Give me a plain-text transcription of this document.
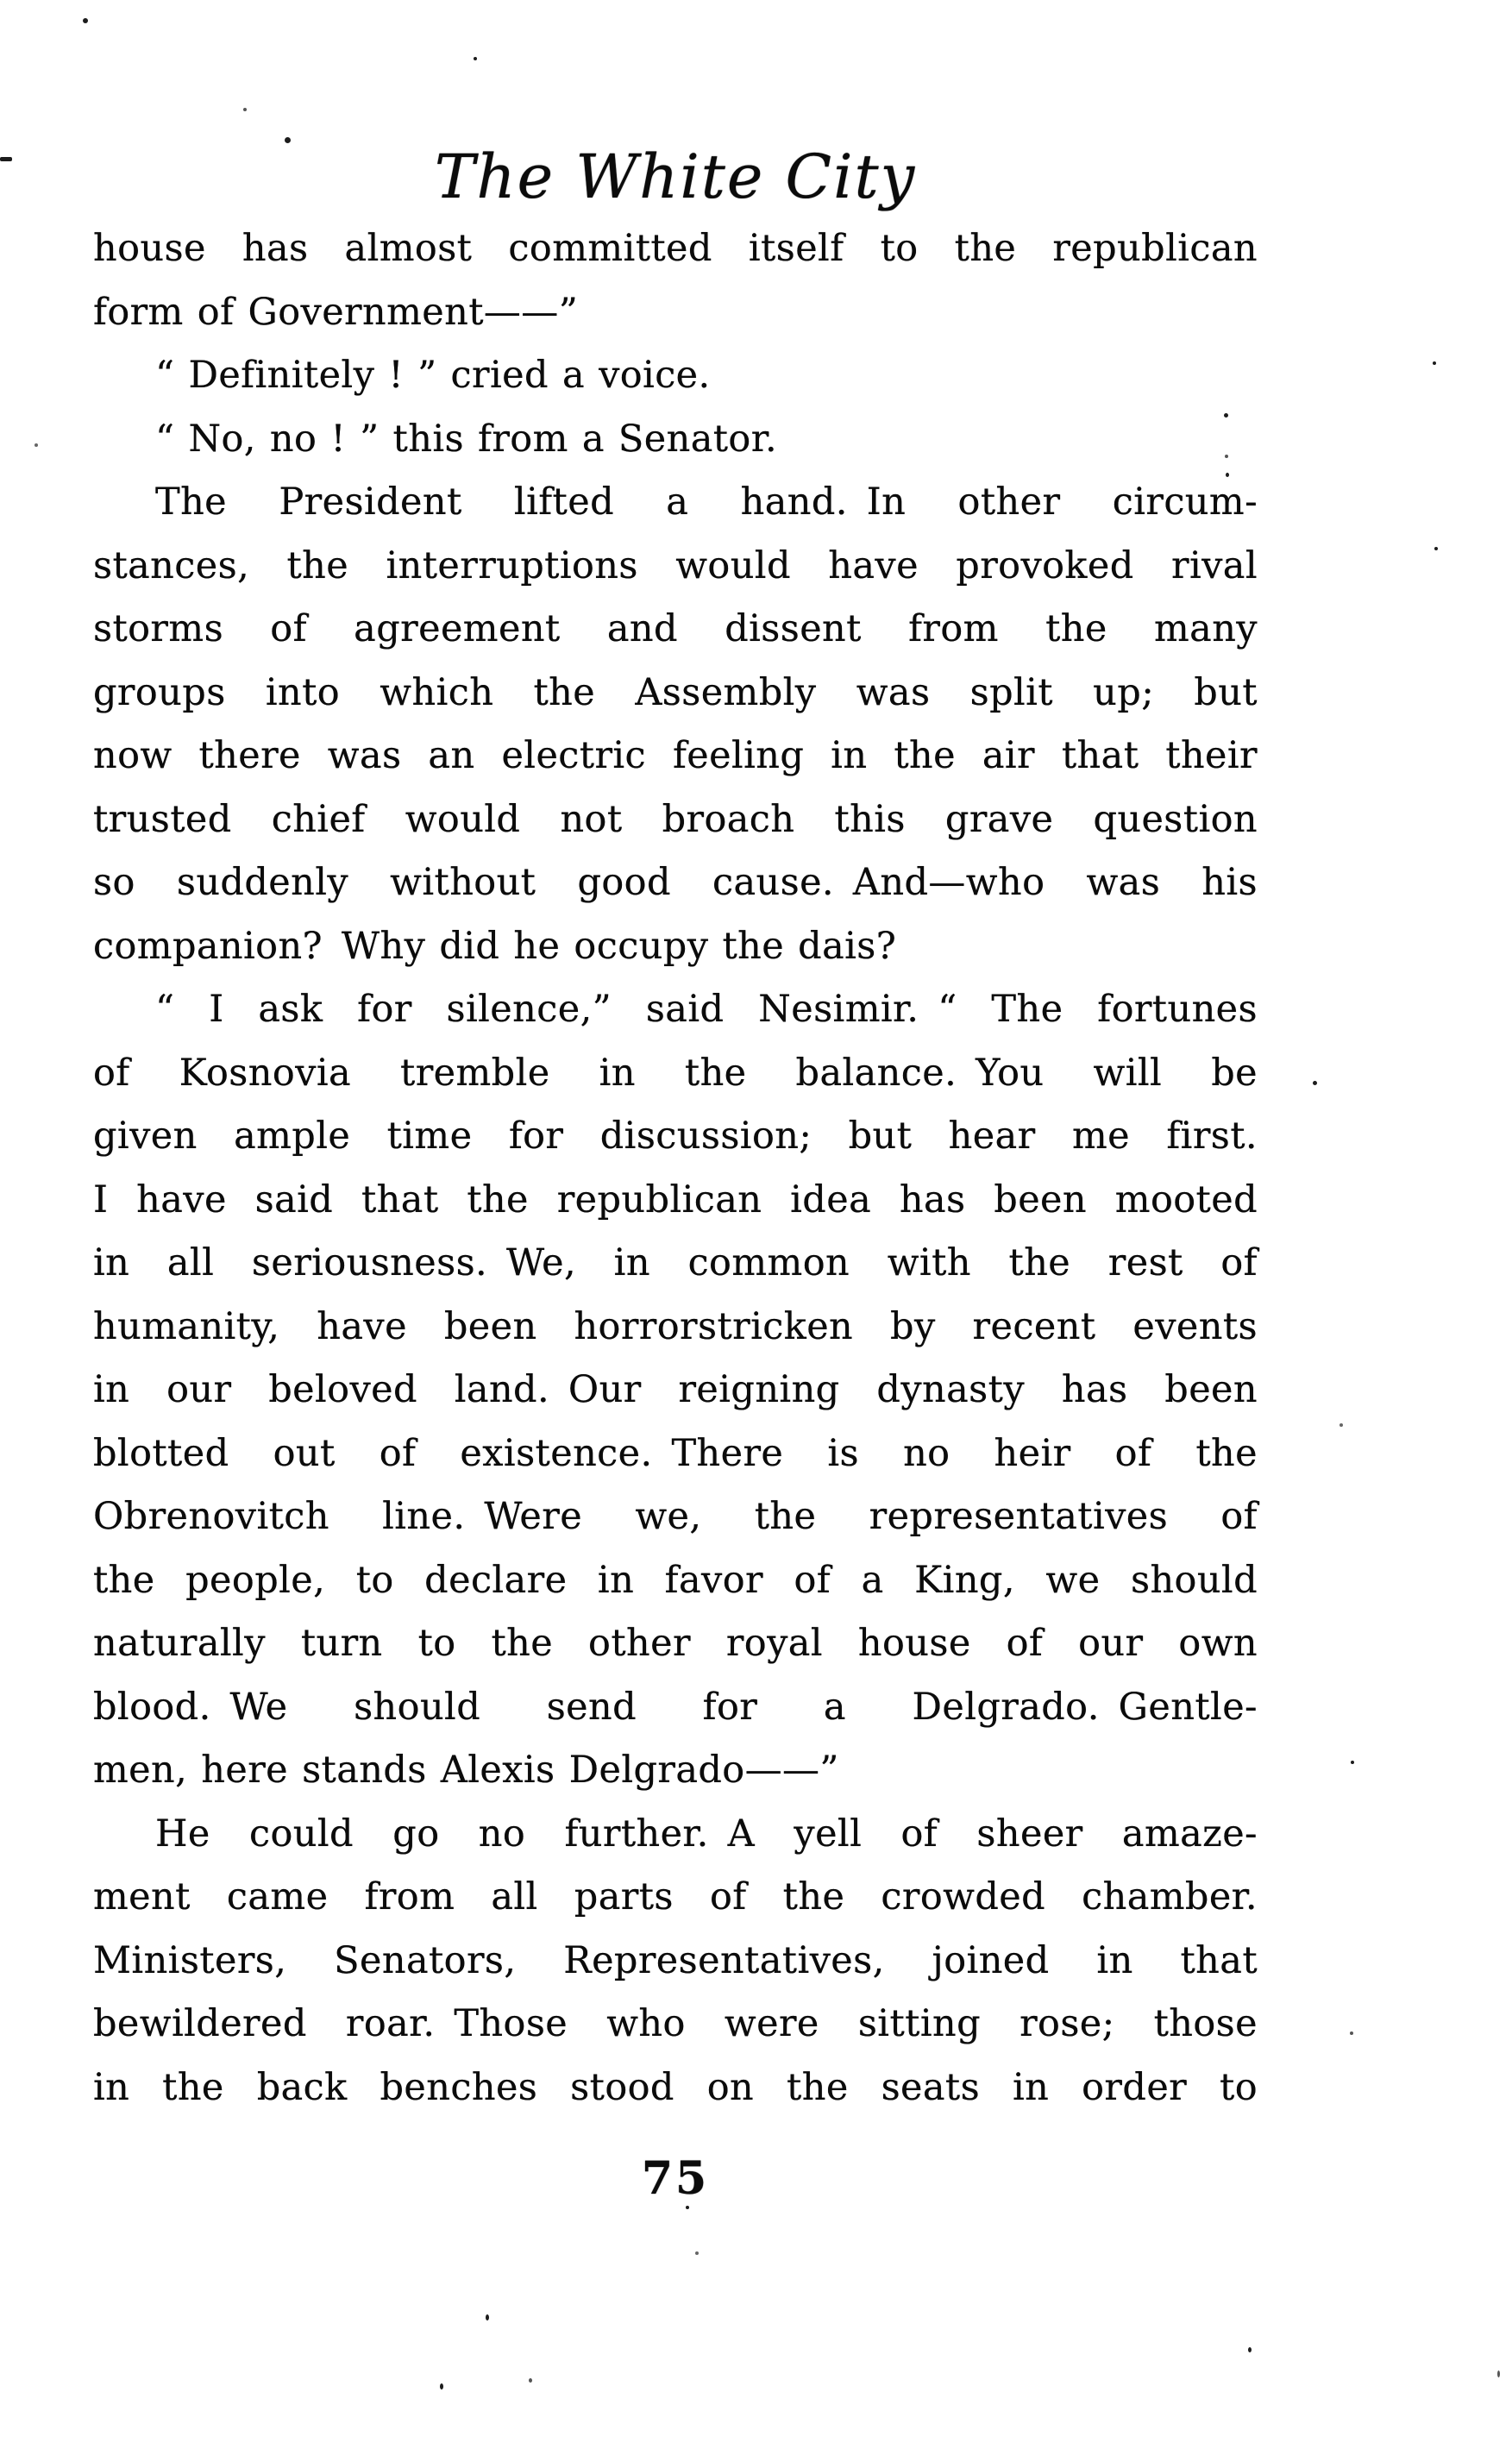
The White City
house has almost committed itself to the republican
form of Government——”
“ Definitely ! ” cried a voice.
“ No, no ! ” this from a Senator.
The President lifted a hand. In other circum-
stances, the interruptions would have provoked rival
storms of agreement and dissent from the many
groups into which the Assembly was split up; but
now there was an electric feeling in the air that their
trusted chief would not broach this grave question
so suddenly without good cause. And—who was his
companion? Why did he occupy the dais?
“ I ask for silence,” said Nesimir. “ The fortunes
of Kosnovia tremble in the balance. You will be
given ample time for discussion; but hear me first.
I have said that the republican idea has been mooted
in all seriousness. We, in common with the rest of
humanity, have been horrorstricken by recent events
in our beloved land. Our reigning dynasty has been
blotted out of existence. There is no heir of the
Obrenovitch line. Were we, the representatives of
the people, to declare in favor of a King, we should
naturally turn to the other royal house of our own
blood. We should send for a Delgrado. Gentle-
men, here stands Alexis Delgrado——”
He could go no further. A yell of sheer amaze-
ment came from all parts of the crowded chamber.
Ministers, Senators, Representatives, joined in that
bewildered roar. Those who were sitting rose; those
in the back benches stood on the seats in order to
75
